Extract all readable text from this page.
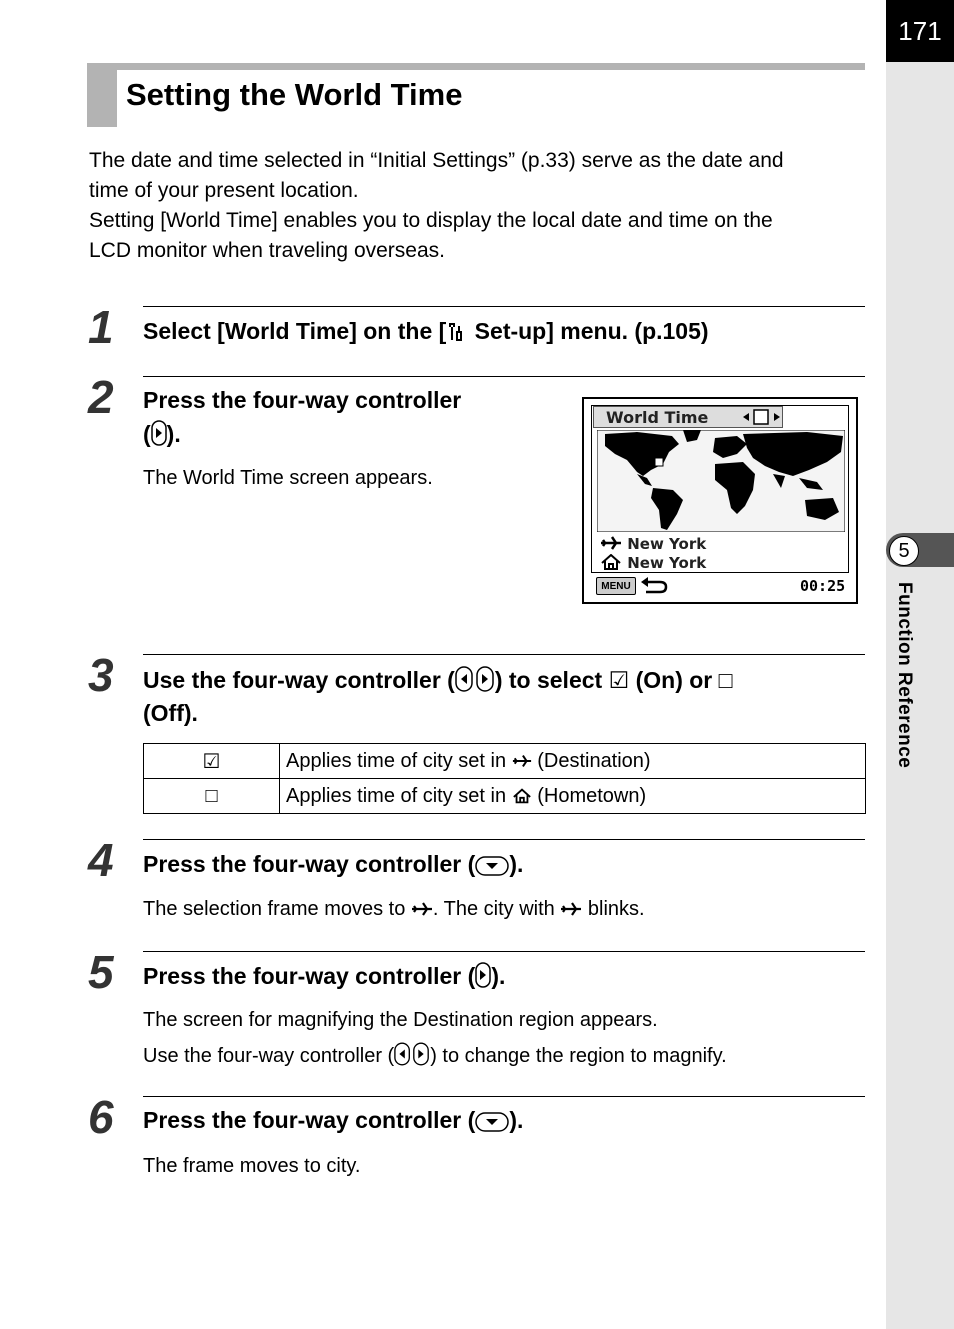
171
5
Function Reference
Setting the World Time
The date and time selected in “Initial Settings” (p.33) serve as the date and
time of your present location.
Setting [World Time] enables you to display the local date and time on the
LCD monitor when traveling overseas.
1 Select [World Time] on the [ Set-up] menu. (p.105)
2 Press the four-way controller
( ).
The World Time screen appears.
World Time
New York
New York
MENU	00:25
3 Use the four-way controller ( ) to select ☑ (On) or □
(Off).
☑	Applies time of city set in  (Destination)
□	Applies time of city set in  (Hometown)
4 Press the four-way controller ( ).
The selection frame moves to . The city with  blinks.
5 Press the four-way controller ( ).
The screen for magnifying the Destination region appears.
Use the four-way controller ( ) to change the region to magnify.
6 Press the four-way controller ( ).
The frame moves to city.
